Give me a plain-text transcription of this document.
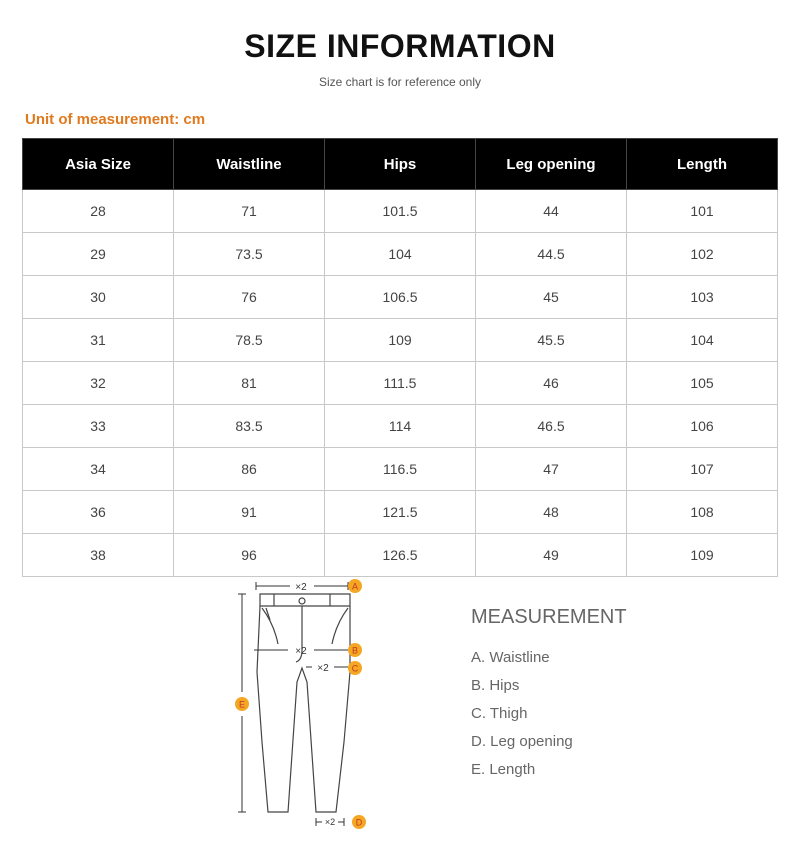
SIZE INFORMATION
Size chart is for reference only
Unit of measurement: cm
Asia Size	Waistline	Hips	Leg opening	Length
28	71	101.5	44	101
29	73.5	104	44.5	102
30	76	106.5	45	103
31	78.5	109	45.5	104
32	81	111.5	46	105
33	83.5	114	46.5	106
34	86	116.5	47	107
36	91	121.5	48	108
38	96	126.5	49	109
×2	A
×2	B
×2	C
E
×2 D
MEASUREMENT
A. Waistline
B. Hips
C. Thigh
D. Leg opening
E. Length
